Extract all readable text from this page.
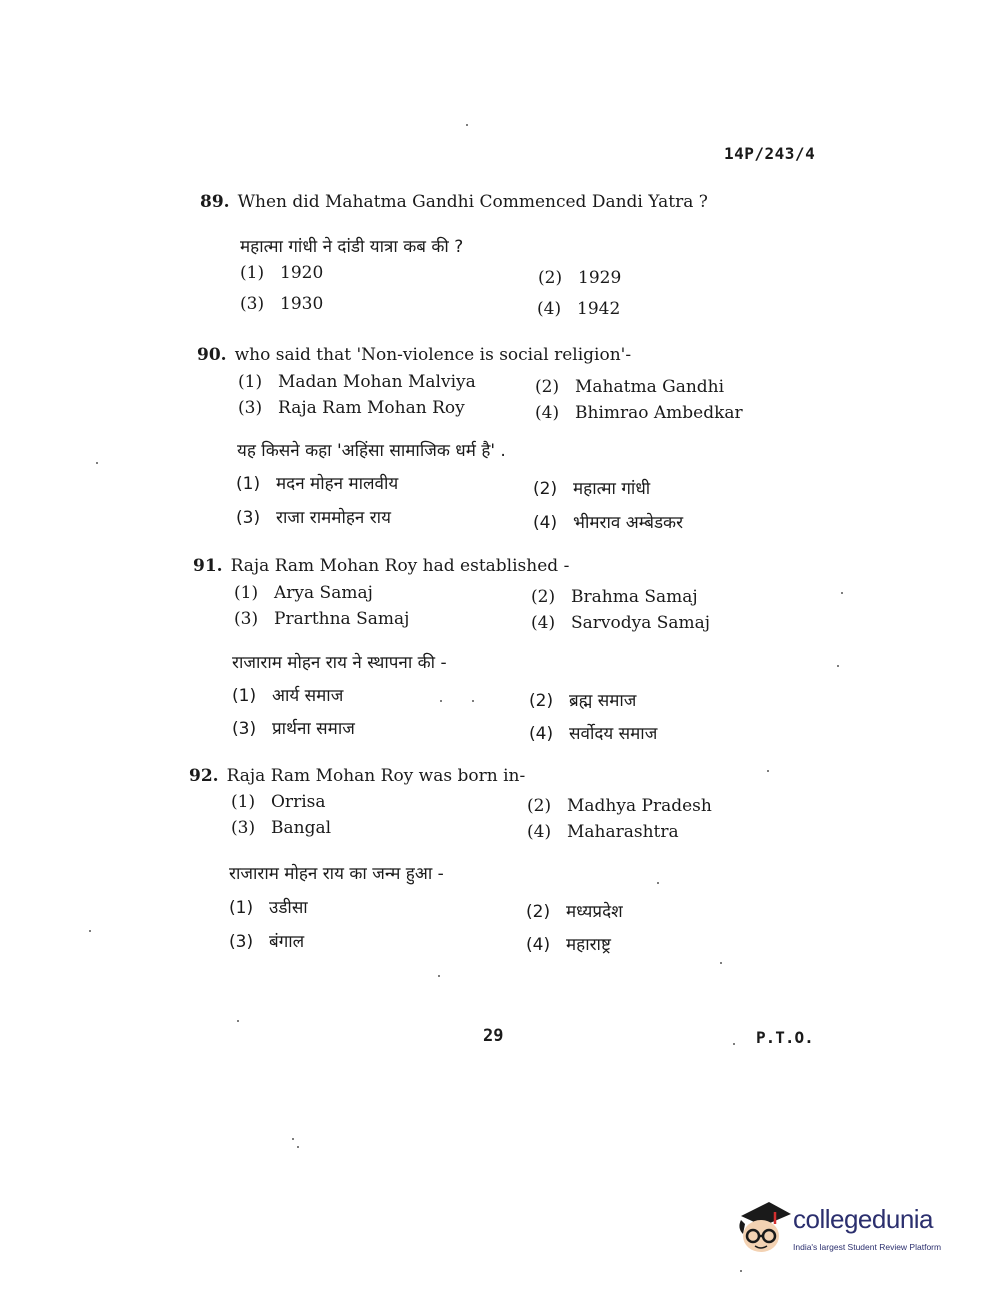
14P/243/4
89. When did Mahatma Gandhi Commenced Dandi Yatra ?
महात्मा गांधी ने दांडी यात्रा कब की ?
(1) 1920	(2) 1929
(3) 1930	(4) 1942
90. who said that 'Non-violence is social religion'-
(1) Madan Mohan Malviya	(2) Mahatma Gandhi
(3) Raja Ram Mohan Roy	(4) Bhimrao Ambedkar
यह किसने कहा 'अहिंसा सामाजिक धर्म है' .
(1) मदन मोहन मालवीय	(2) महात्मा गांधी
(3) राजा राममोहन राय	(4) भीमराव अम्बेडकर
91. Raja Ram Mohan Roy had established -
(1) Arya Samaj	(2) Brahma Samaj
(3) Prarthna Samaj	(4) Sarvodya Samaj
राजाराम मोहन राय ने स्थापना की -
(1) आर्य समाज	(2) ब्रह्म समाज
(3) प्रार्थना समाज	(4) सर्वोदय समाज
92. Raja Ram Mohan Roy was born in-
(1) Orrisa	(2) Madhya Pradesh
(3) Bangal	(4) Maharashtra
राजाराम मोहन राय का जन्म हुआ -
(1) उडीसा	(2) मध्यप्रदेश
(3) बंगाल	(4) महाराष्ट्र
29	P.T.O.
collegedunia
India's largest Student Review Platform
